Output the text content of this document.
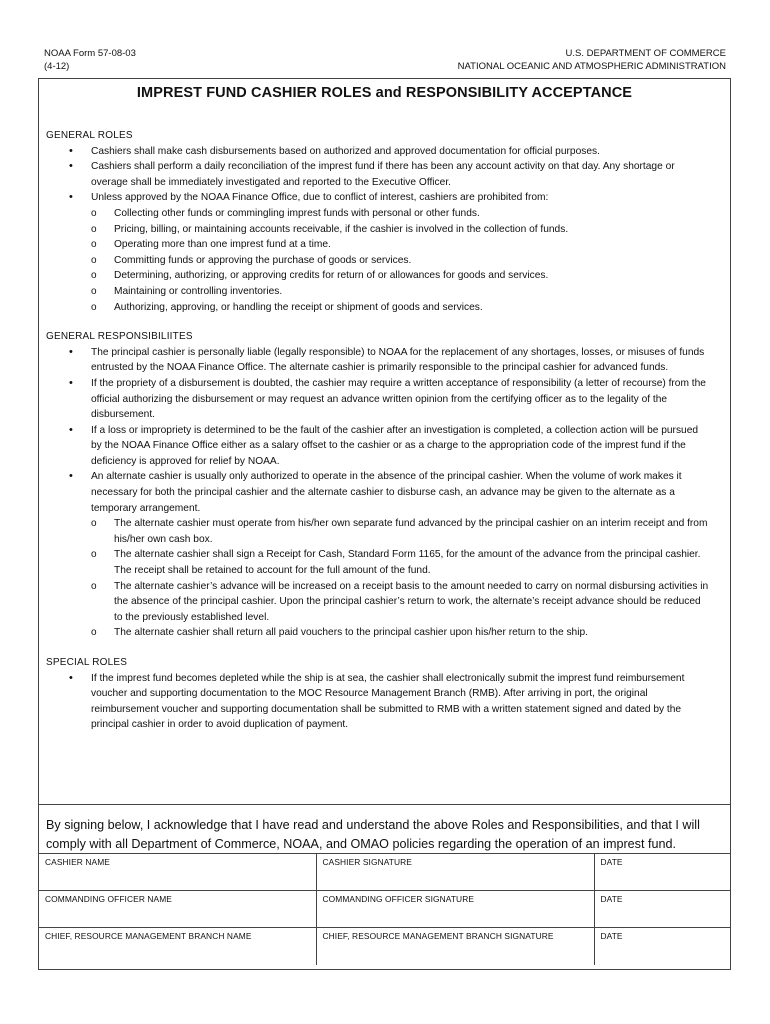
NOAA Form 57-08-03
(4-12)
U.S. DEPARTMENT OF COMMERCE
NATIONAL OCEANIC AND ATMOSPHERIC ADMINISTRATION
IMPREST FUND CASHIER ROLES and RESPONSIBILITY ACCEPTANCE
GENERAL ROLES
• Cashiers shall make cash disbursements based on authorized and approved documentation for official purposes.
• Cashiers shall perform a daily reconciliation of the imprest fund if there has been any account activity on that day. Any shortage or overage shall be immediately investigated and reported to the Executive Officer.
• Unless approved by the NOAA Finance Office, due to conflict of interest, cashiers are prohibited from:
o Collecting other funds or commingling imprest funds with personal or other funds.
o Pricing, billing, or maintaining accounts receivable, if the cashier is involved in the collection of funds.
o Operating more than one imprest fund at a time.
o Committing funds or approving the purchase of goods or services.
o Determining, authorizing, or approving credits for return of or allowances for goods and services.
o Maintaining or controlling inventories.
o Authorizing, approving, or handling the receipt or shipment of goods and services.
GENERAL RESPONSIBILIITES
• The principal cashier is personally liable (legally responsible) to NOAA for the replacement of any shortages, losses, or misuses of funds entrusted by the NOAA Finance Office. The alternate cashier is primarily responsible to the principal cashier for advanced funds.
• If the propriety of a disbursement is doubted, the cashier may require a written acceptance of responsibility (a letter of recourse) from the official authorizing the disbursement or may request an advance written opinion from the certifying officer as to the legality of the disbursement.
• If a loss or impropriety is determined to be the fault of the cashier after an investigation is completed, a collection action will be pursued by the NOAA Finance Office either as a salary offset to the cashier or as a charge to the appropriation code of the imprest fund if the deficiency is approved for relief by NOAA.
• An alternate cashier is usually only authorized to operate in the absence of the principal cashier. When the volume of work makes it necessary for both the principal cashier and the alternate cashier to disburse cash, an advance may be given to the alternate as a temporary arrangement.
o The alternate cashier must operate from his/her own separate fund advanced by the principal cashier on an interim receipt and from his/her own cash box.
o The alternate cashier shall sign a Receipt for Cash, Standard Form 1165, for the amount of the advance from the principal cashier. The receipt shall be retained to account for the full amount of the fund.
o The alternate cashier’s advance will be increased on a receipt basis to the amount needed to carry on normal disbursing activities in the absence of the principal cashier. Upon the principal cashier’s return to work, the alternate’s receipt advance should be reduced to the previously established level.
o The alternate cashier shall return all paid vouchers to the principal cashier upon his/her return to the ship.
SPECIAL ROLES
• If the imprest fund becomes depleted while the ship is at sea, the cashier shall electronically submit the imprest fund reimbursement voucher and supporting documentation to the MOC Resource Management Branch (RMB). After arriving in port, the original reimbursement voucher and supporting documentation shall be submitted to RMB with a written statement signed and dated by the principal cashier in order to avoid duplication of payment.
By signing below, I acknowledge that I have read and understand the above Roles and Responsibilities, and that I will comply with all Department of Commerce, NOAA, and OMAO policies regarding the operation of an imprest fund.
CASHIER NAME	CASHIER SIGNATURE	DATE
COMMANDING OFFICER NAME	COMMANDING OFFICER SIGNATURE	DATE
CHIEF, RESOURCE MANAGEMENT BRANCH NAME	CHIEF, RESOURCE MANAGEMENT BRANCH SIGNATURE	DATE
